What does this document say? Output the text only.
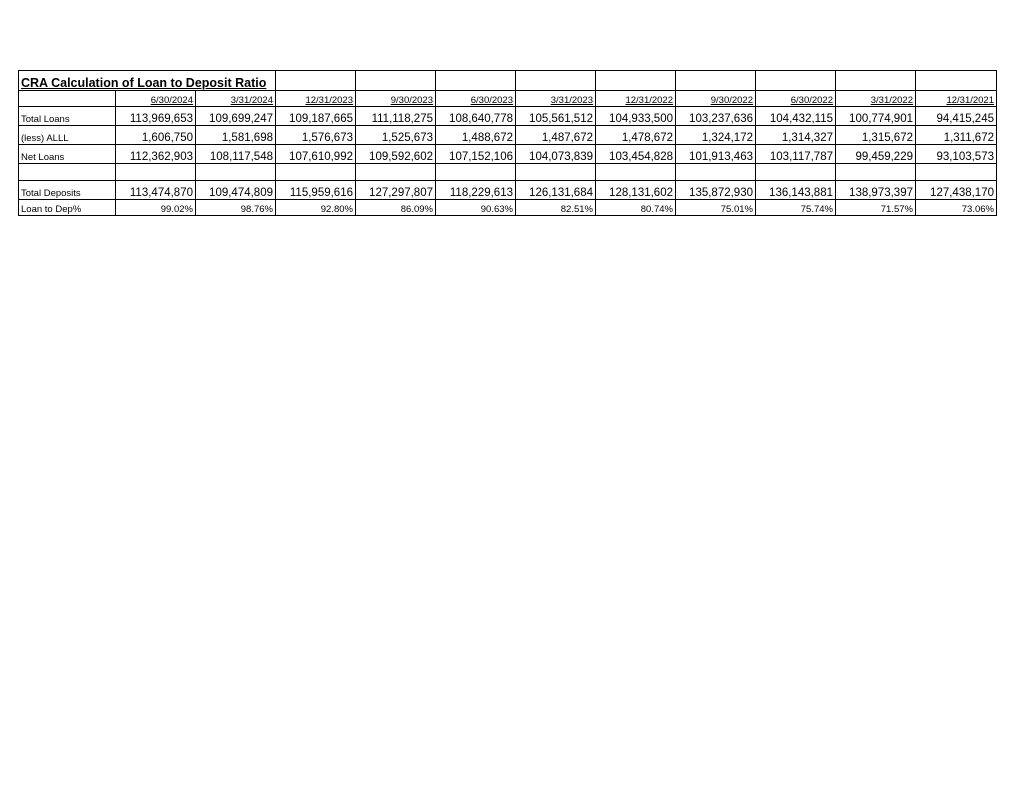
CRA Calculation of Loan to Deposit Ratio											
	6/30/2024	3/31/2024	12/31/2023	9/30/2023	6/30/2023	3/31/2023	12/31/2022	9/30/2022	6/30/2022	3/31/2022	12/31/2021
Total Loans	113,969,653	109,699,247	109,187,665	111,118,275	108,640,778	105,561,512	104,933,500	103,237,636	104,432,115	100,774,901	94,415,245
(less) ALLL	1,606,750	1,581,698	1,576,673	1,525,673	1,488,672	1,487,672	1,478,672	1,324,172	1,314,327	1,315,672	1,311,672
Net Loans	112,362,903	108,117,548	107,610,992	109,592,602	107,152,106	104,073,839	103,454,828	101,913,463	103,117,787	99,459,229	93,103,573

Total Deposits	113,474,870	109,474,809	115,959,616	127,297,807	118,229,613	126,131,684	128,131,602	135,872,930	136,143,881	138,973,397	127,438,170
Loan to Dep%	99.02%	98.76%	92.80%	86.09%	90.63%	82.51%	80.74%	75.01%	75.74%	71.57%	73.06%
